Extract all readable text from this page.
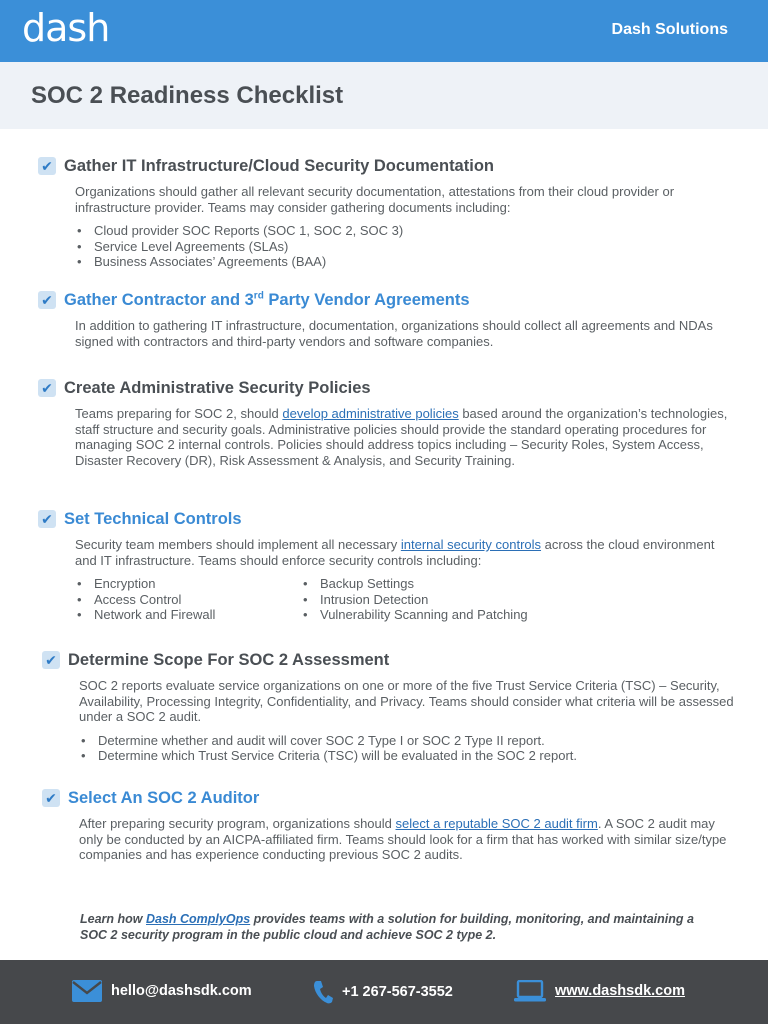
dash	Dash Solutions
SOC 2 Readiness Checklist
✔ Gather IT Infrastructure/Cloud Security Documentation

Organizations should gather all relevant security documentation, attestations from their cloud provider or infrastructure provider. Teams may consider gathering documents including:

• Cloud provider SOC Reports (SOC 1, SOC 2, SOC 3)
• Service Level Agreements (SLAs)
• Business Associates’ Agreements (BAA)
✔ Gather Contractor and 3rd Party Vendor Agreements

In addition to gathering IT infrastructure, documentation, organizations should collect all agreements and NDAs signed with contractors and third-party vendors and software companies.

✔ Create Administrative Security Policies

Teams preparing for SOC 2, should develop administrative policies based around the organization’s technologies, staff structure and security goals. Administrative policies should provide the standard operating procedures for managing SOC 2 internal controls. Policies should address topics including – Security Roles, System Access, Disaster Recovery (DR), Risk Assessment & Analysis, and Security Training.

✔ Set Technical Controls

Security team members should implement all necessary internal security controls across the cloud environment and IT infrastructure. Teams should enforce security controls including:

• Encryption
• Access Control
• Network and Firewall
• Backup Settings
• Intrusion Detection
• Vulnerability Scanning and Patching
✔ Determine Scope For SOC 2 Assessment

SOC 2 reports evaluate service organizations on one or more of the five Trust Service Criteria (TSC) – Security, Availability, Processing Integrity, Confidentiality, and Privacy. Teams should consider what criteria will be assessed under a SOC 2 audit.

• Determine whether and audit will cover SOC 2 Type I or SOC 2 Type II report.
• Determine which Trust Service Criteria (TSC) will be evaluated in the SOC 2 report.
✔ Select An SOC 2 Auditor

After preparing security program, organizations should select a reputable SOC 2 audit firm. A SOC 2 audit may only be conducted by an AICPA-affiliated firm. Teams should look for a firm that has worked with similar size/type companies and has experience conducting previous SOC 2 audits.

Learn how Dash ComplyOps provides teams with a solution for building, monitoring, and maintaining a SOC 2 security program in the public cloud and achieve SOC 2 type 2.

hello@dashsdk.com	+1 267-567-3552	www.dashsdk.com
